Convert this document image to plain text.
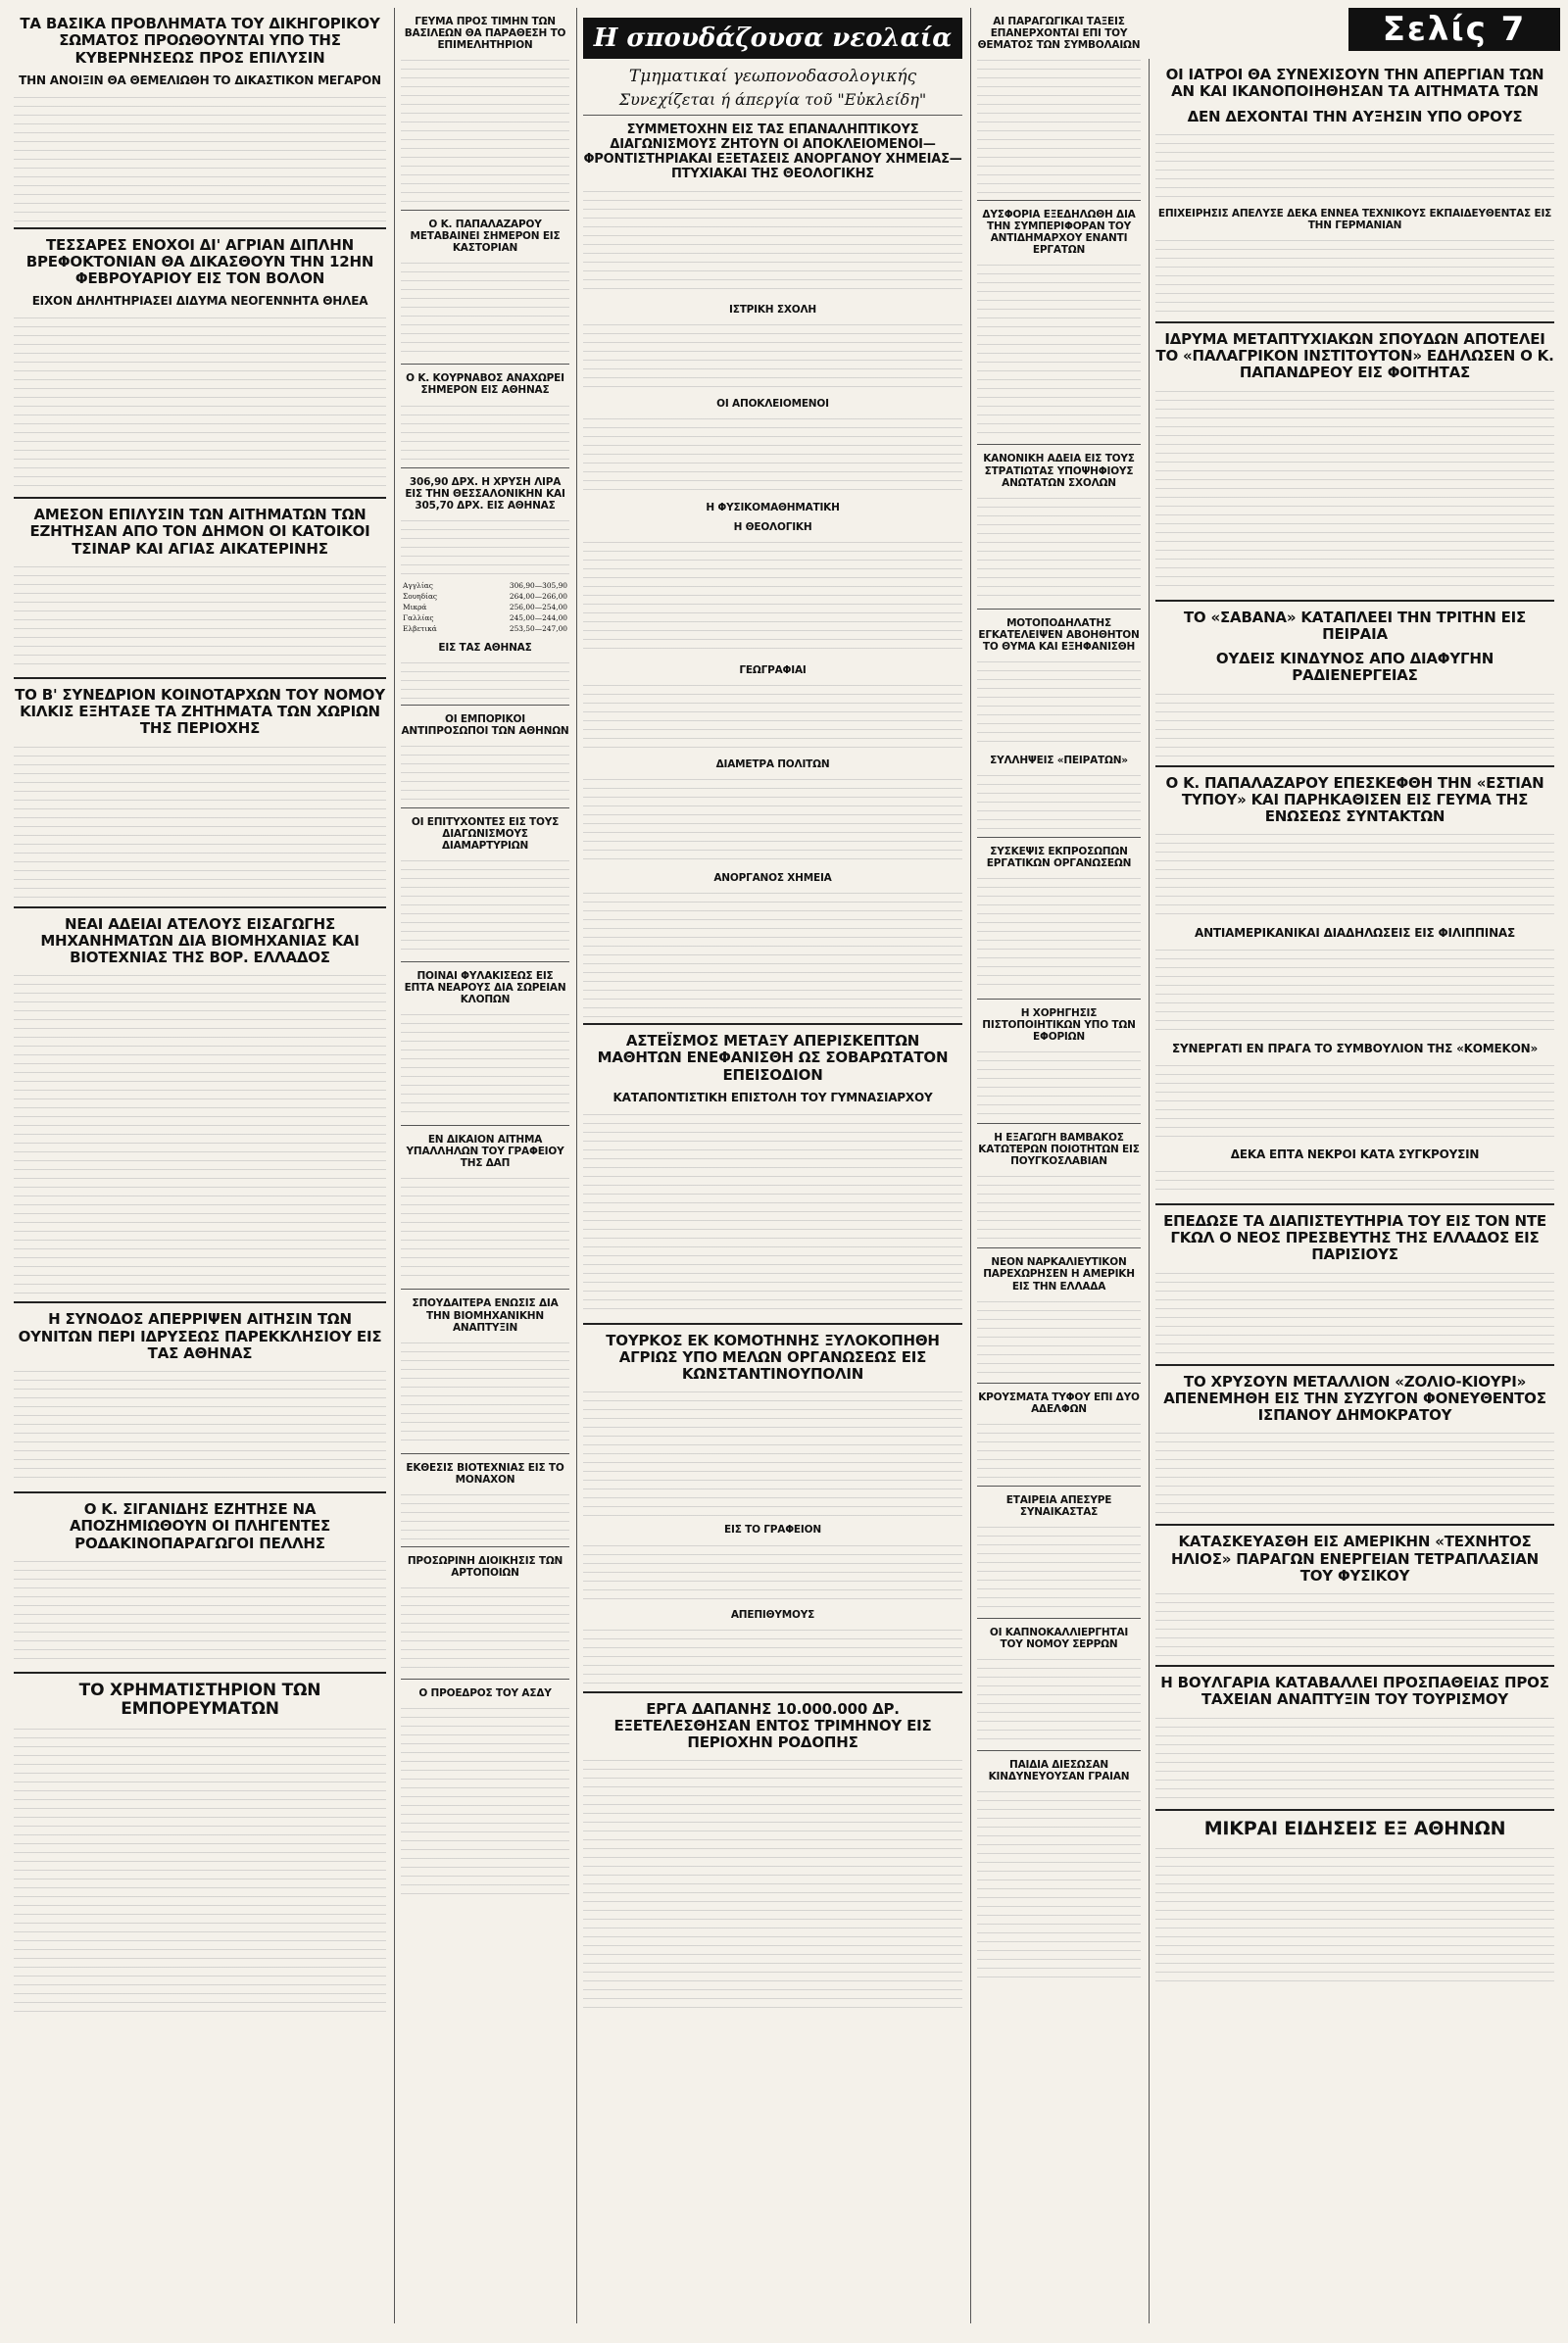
Σελίς 7
ΤΑ ΒΑΣΙΚΑ ΠΡΟΒΛΗΜΑΤΑ ΤΟΥ ΔΙΚΗΓΟΡΙΚΟΥ ΣΩΜΑΤΟΣ ΠΡΟΩΘΟΥΝΤΑΙ ΥΠΟ ΤΗΣ ΚΥΒΕΡΝΗΣΕΩΣ ΠΡΟΣ ΕΠΙΛΥΣΙΝ
ΤΗΝ ΑΝΟΙΞΙΝ ΘΑ ΘΕΜΕΛΙΩΘΗ ΤΟ ΔΙΚΑΣΤΙΚΟΝ ΜΕΓΑΡΟΝ
ΤΕΣΣΑΡΕΣ ΕΝΟΧΟΙ ΔΙ' ΑΓΡΙΑΝ ΔΙΠΛΗΝ ΒΡΕΦΟΚΤΟΝΙΑΝ ΘΑ ΔΙΚΑΣΘΟΥΝ ΤΗΝ 12ΗΝ ΦΕΒΡΟΥΑΡΙΟΥ ΕΙΣ ΤΟΝ ΒΟΛΟΝ
ΕΙΧΟΝ ΔΗΛΗΤΗΡΙΑΣΕΙ ΔΙΔΥΜΑ ΝΕΟΓΕΝΝΗΤΑ ΘΗΛΕΑ
ΑΜΕΣΟΝ ΕΠΙΛΥΣΙΝ ΤΩΝ ΑΙΤΗΜΑΤΩΝ ΤΩΝ ΕΖΗΤΗΣΑΝ ΑΠΟ ΤΟΝ ΔΗΜΟΝ ΟΙ ΚΑΤΟΙΚΟΙ ΤΣΙΝΑΡ ΚΑΙ ΑΓΙΑΣ ΑΙΚΑΤΕΡΙΝΗΣ
ΤΟ Β' ΣΥΝΕΔΡΙΟΝ ΚΟΙΝΟΤΑΡΧΩΝ ΤΟΥ ΝΟΜΟΥ ΚΙΛΚΙΣ ΕΞΗΤΑΣΕ ΤΑ ΖΗΤΗΜΑΤΑ ΤΩΝ ΧΩΡΙΩΝ ΤΗΣ ΠΕΡΙΟΧΗΣ
ΝΕΑΙ ΑΔΕΙΑΙ ΑΤΕΛΟΥΣ ΕΙΣΑΓΩΓΗΣ ΜΗΧΑΝΗΜΑΤΩΝ ΔΙΑ ΒΙΟΜΗΧΑΝΙΑΣ ΚΑΙ ΒΙΟΤΕΧΝΙΑΣ ΤΗΣ ΒΟΡ. ΕΛΛΑΔΟΣ
Η ΣΥΝΟΔΟΣ ΑΠΕΡΡΙΨΕΝ ΑΙΤΗΣΙΝ ΤΩΝ ΟΥΝΙΤΩΝ ΠΕΡΙ ΙΔΡΥΣΕΩΣ ΠΑΡΕΚΚΛΗΣΙΟΥ ΕΙΣ ΤΑΣ ΑΘΗΝΑΣ
Ο Κ. ΣΙΓΑΝΙΔΗΣ ΕΖΗΤΗΣΕ ΝΑ ΑΠΟΖΗΜΙΩΘΟΥΝ ΟΙ ΠΛΗΓΕΝΤΕΣ ΡΟΔΑΚΙΝΟΠΑΡΑΓΩΓΟΙ ΠΕΛΛΗΣ
ΤΟ ΧΡΗΜΑΤΙΣΤΗΡΙΟΝ ΤΩΝ ΕΜΠΟΡΕΥΜΑΤΩΝ
ΓΕΥΜΑ ΠΡΟΣ ΤΙΜΗΝ ΤΩΝ ΒΑΣΙΛΕΩΝ ΘΑ ΠΑΡΑΘΕΣΗ ΤΟ ΕΠΙΜΕΛΗΤΗΡΙΟΝ
Ο Κ. ΠΑΠΑΛΑΖΑΡΟΥ ΜΕΤΑΒΑΙΝΕΙ ΣΗΜΕΡΟΝ ΕΙΣ ΚΑΣΤΟΡΙΑΝ
Ο Κ. ΚΟΥΡΝΑΒΟΣ ΑΝΑΧΩΡΕΙ ΣΗΜΕΡΟΝ ΕΙΣ ΑΘΗΝΑΣ
306,90 ΔΡΧ. Η ΧΡΥΣΗ ΛΙΡΑ ΕΙΣ ΤΗΝ ΘΕΣΣΑΛΟΝΙΚΗΝ ΚΑΙ 305,70 ΔΡΧ. ΕΙΣ ΑΘΗΝΑΣ
Αγγλίας	306,90—305,90
Σουηδίας	264,00—266,00
Μικρά	256,00—254,00
Γαλλίας	245,00—244,00
Ελβετικά	253,50—247,00
ΕΙΣ ΤΑΣ ΑΘΗΝΑΣ
ΟΙ ΕΜΠΟΡΙΚΟΙ ΑΝΤΙΠΡΟΣΩΠΟΙ ΤΩΝ ΑΘΗΝΩΝ
ΟΙ ΕΠΙΤΥΧΟΝΤΕΣ ΕΙΣ ΤΟΥΣ ΔΙΑΓΩΝΙΣΜΟΥΣ ΔΙΑΜΑΡΤΥΡΙΩΝ
ΠΟΙΝΑΙ ΦΥΛΑΚΙΣΕΩΣ ΕΙΣ ΕΠΤΑ ΝΕΑΡΟΥΣ ΔΙΑ ΣΩΡΕΙΑΝ ΚΛΟΠΩΝ
ΕΝ ΔΙΚΑΙΟΝ ΑΙΤΗΜΑ ΥΠΑΛΛΗΛΩΝ ΤΟΥ ΓΡΑΦΕΙΟΥ ΤΗΣ ΔΑΠ
ΣΠΟΥΔΑΙΤΕΡΑ ΕΝΩΣΙΣ ΔΙΑ ΤΗΝ ΒΙΟΜΗΧΑΝΙΚΗΝ ΑΝΑΠΤΥΞΙΝ
ΕΚΘΕΣΙΣ ΒΙΟΤΕΧΝΙΑΣ ΕΙΣ ΤΟ ΜΟΝΑΧΟΝ
ΠΡΟΣΩΡΙΝΗ ΔΙΟΙΚΗΣΙΣ ΤΩΝ ΑΡΤΟΠΟΙΩΝ
Ο ΠΡΟΕΔΡΟΣ ΤΟΥ ΑΣΔΥ
Η σπουδάζουσα νεολαία
Τμηματικαί γεωπονοδασολογικής
Συνεχίζεται ή άπεργία τοῦ "Εὐκλείδη"
ΣΥΜΜΕΤΟΧΗΝ ΕΙΣ ΤΑΣ ΕΠΑΝΑΛΗΠΤΙΚΟΥΣ ΔΙΑΓΩΝΙΣΜΟΥΣ ΖΗΤΟΥΝ ΟΙ ΑΠΟΚΛΕΙΟΜΕΝΟΙ— ΦΡΟΝΤΙΣΤΗΡΙΑΚΑΙ ΕΞΕΤΑΣΕΙΣ ΑΝΟΡΓΑΝΟΥ ΧΗΜΕΙΑΣ— ΠΤΥΧΙΑΚΑΙ ΤΗΣ ΘΕΟΛΟΓΙΚΗΣ
ΙΣΤΡΙΚΗ ΣΧΟΛΗ
ΟΙ ΑΠΟΚΛΕΙΟΜΕΝΟΙ
Η ΦΥΣΙΚΟΜΑΘΗΜΑΤΙΚΗ
Η ΘΕΟΛΟΓΙΚΗ
ΓΕΩΓΡΑΦΙΑΙ
ΔΙΑΜΕΤΡΑ ΠΟΛΙΤΩΝ
ΑΝΟΡΓΑΝΟΣ ΧΗΜΕΙΑ
ΑΣΤΕΪΣΜΟΣ ΜΕΤΑΞΥ ΑΠΕΡΙΣΚΕΠΤΩΝ ΜΑΘΗΤΩΝ ΕΝΕΦΑΝΙΣΘΗ ΩΣ ΣΟΒΑΡΩΤΑΤΟΝ ΕΠΕΙΣΟΔΙΟΝ
ΚΑΤΑΠΟΝΤΙΣΤΙΚΗ ΕΠΙΣΤΟΛΗ ΤΟΥ ΓΥΜΝΑΣΙΑΡΧΟΥ
ΤΟΥΡΚΟΣ ΕΚ ΚΟΜΟΤΗΝΗΣ ΞΥΛΟΚΟΠΗΘΗ ΑΓΡΙΩΣ ΥΠΟ ΜΕΛΩΝ ΟΡΓΑΝΩΣΕΩΣ ΕΙΣ ΚΩΝΣΤΑΝΤΙΝΟΥΠΟΛΙΝ
ΕΙΣ ΤΟ ΓΡΑΦΕΙΟΝ
ΑΠΕΠΙΘΥΜΟΥΣ
ΕΡΓΑ ΔΑΠΑΝΗΣ 10.000.000 ΔΡ. ΕΞΕΤΕΛΕΣΘΗΣΑΝ ΕΝΤΟΣ ΤΡΙΜΗΝΟΥ ΕΙΣ ΠΕΡΙΟΧΗΝ ΡΟΔΟΠΗΣ
ΑΙ ΠΑΡΑΓΩΓΙΚΑΙ ΤΑΞΕΙΣ ΕΠΑΝΕΡΧΟΝΤΑΙ ΕΠΙ ΤΟΥ ΘΕΜΑΤΟΣ ΤΩΝ ΣΥΜΒΟΛΑΙΩΝ
ΔΥΣΦΟΡΙΑ ΕΞΕΔΗΛΩΘΗ ΔΙΑ ΤΗΝ ΣΥΜΠΕΡΙΦΟΡΑΝ ΤΟΥ ΑΝΤΙΔΗΜΑΡΧΟΥ ΕΝΑΝΤΙ ΕΡΓΑΤΩΝ
ΚΑΝΟΝΙΚΗ ΑΔΕΙΑ ΕΙΣ ΤΟΥΣ ΣΤΡΑΤΙΩΤΑΣ ΥΠΟΨΗΦΙΟΥΣ ΑΝΩΤΑΤΩΝ ΣΧΟΛΩΝ
ΜΟΤΟΠΟΔΗΛΑΤΗΣ ΕΓΚΑΤΕΛΕΙΨΕΝ ΑΒΟΗΘΗΤΟΝ ΤΟ ΘΥΜΑ ΚΑΙ ΕΞΗΦΑΝΙΣΘΗ
ΣΥΛΛΗΨΕΙΣ «ΠΕΙΡΑΤΩΝ»
ΣΥΣΚΕΨΙΣ ΕΚΠΡΟΣΩΠΩΝ ΕΡΓΑΤΙΚΩΝ ΟΡΓΑΝΩΣΕΩΝ
Η ΧΟΡΗΓΗΣΙΣ ΠΙΣΤΟΠΟΙΗΤΙΚΩΝ ΥΠΟ ΤΩΝ ΕΦΟΡΙΩΝ
Η ΕΞΑΓΩΓΗ ΒΑΜΒΑΚΟΣ ΚΑΤΩΤΕΡΩΝ ΠΟΙΟΤΗΤΩΝ ΕΙΣ ΠΟΥΓΚΟΣΛΑΒΙΑΝ
ΝΕΟΝ ΝΑΡΚΑΛΙΕΥΤΙΚΟΝ ΠΑΡΕΧΩΡΗΣΕΝ Η ΑΜΕΡΙΚΗ ΕΙΣ ΤΗΝ ΕΛΛΑΔΑ
ΚΡΟΥΣΜΑΤΑ ΤΥΦΟΥ ΕΠΙ ΔΥΟ ΑΔΕΛΦΩΝ
ΕΤΑΙΡΕΙΑ ΑΠΕΣΥΡΕ ΣΥΝΑΙΚΑΣΤΑΣ
ΟΙ ΚΑΠΝΟΚΑΛΛΙΕΡΓΗΤΑΙ ΤΟΥ ΝΟΜΟΥ ΣΕΡΡΩΝ
ΠΑΙΔΙΑ ΔΙΕΣΩΣΑΝ ΚΙΝΔΥΝΕΥΟΥΣΑΝ ΓΡΑΙΑΝ
ΟΙ ΙΑΤΡΟΙ ΘΑ ΣΥΝΕΧΙΣΟΥΝ ΤΗΝ ΑΠΕΡΓΙΑΝ ΤΩΝ ΑΝ ΚΑΙ ΙΚΑΝΟΠΟΙΗΘΗΣΑΝ ΤΑ ΑΙΤΗΜΑΤΑ ΤΩΝ
ΔΕΝ ΔΕΧΟΝΤΑΙ ΤΗΝ ΑΥΞΗΣΙΝ ΥΠΟ ΟΡΟΥΣ
ΕΠΙΧΕΙΡΗΣΙΣ ΑΠΕΛΥΣΕ ΔΕΚΑ ΕΝΝΕΑ ΤΕΧΝΙΚΟΥΣ ΕΚΠΑΙΔΕΥΘΕΝΤΑΣ ΕΙΣ ΤΗΝ ΓΕΡΜΑΝΙΑΝ
ΙΔΡΥΜΑ ΜΕΤΑΠΤΥΧΙΑΚΩΝ ΣΠΟΥΔΩΝ ΑΠΟΤΕΛΕΙ ΤΟ «ΠΑΛΑΓΡΙΚΟΝ ΙΝΣΤΙΤΟΥΤΟΝ» ΕΔΗΛΩΣΕΝ Ο Κ. ΠΑΠΑΝΔΡΕΟΥ ΕΙΣ ΦΟΙΤΗΤΑΣ
ΤΟ «ΣΑΒΑΝΑ» ΚΑΤΑΠΛΕΕΙ ΤΗΝ ΤΡΙΤΗΝ ΕΙΣ ΠΕΙΡΑΙΑ
ΟΥΔΕΙΣ ΚΙΝΔΥΝΟΣ ΑΠΟ ΔΙΑΦΥΓΗΝ ΡΑΔΙΕΝΕΡΓΕΙΑΣ
Ο Κ. ΠΑΠΑΛΑΖΑΡΟΥ ΕΠΕΣΚΕΦΘΗ ΤΗΝ «ΕΣΤΙΑΝ ΤΥΠΟΥ» ΚΑΙ ΠΑΡΗΚΑΘΙΣΕΝ ΕΙΣ ΓΕΥΜΑ ΤΗΣ ΕΝΩΣΕΩΣ ΣΥΝΤΑΚΤΩΝ
ΑΝΤΙΑΜΕΡΙΚΑΝΙΚΑΙ ΔΙΑΔΗΛΩΣΕΙΣ ΕΙΣ ΦΙΛΙΠΠΙΝΑΣ
ΣΥΝΕΡΓΑΤΙ ΕΝ ΠΡΑΓΑ ΤΟ ΣΥΜΒΟΥΛΙΟΝ ΤΗΣ «ΚΟΜΕΚΟΝ»
ΔΕΚΑ ΕΠΤΑ ΝΕΚΡΟΙ ΚΑΤΑ ΣΥΓΚΡΟΥΣΙΝ
ΕΠΕΔΩΣΕ ΤΑ ΔΙΑΠΙΣΤΕΥΤΗΡΙΑ ΤΟΥ ΕΙΣ ΤΟΝ ΝΤΕ ΓΚΩΛ Ο ΝΕΟΣ ΠΡΕΣΒΕΥΤΗΣ ΤΗΣ ΕΛΛΑΔΟΣ ΕΙΣ ΠΑΡΙΣΙΟΥΣ
ΤΟ ΧΡΥΣΟΥΝ ΜΕΤΑΛΛΙΟΝ «ΖΟΛΙΟ-ΚΙΟΥΡΙ» ΑΠΕΝΕΜΗΘΗ ΕΙΣ ΤΗΝ ΣΥΖΥΓΟΝ ΦΟΝΕΥΘΕΝΤΟΣ ΙΣΠΑΝΟΥ ΔΗΜΟΚΡΑΤΟΥ
ΚΑΤΑΣΚΕΥΑΣΘΗ ΕΙΣ ΑΜΕΡΙΚΗΝ «ΤΕΧΝΗΤΟΣ ΗΛΙΟΣ» ΠΑΡΑΓΩΝ ΕΝΕΡΓΕΙΑΝ ΤΕΤΡΑΠΛΑΣΙΑΝ ΤΟΥ ΦΥΣΙΚΟΥ
Η ΒΟΥΛΓΑΡΙΑ ΚΑΤΑΒΑΛΛΕΙ ΠΡΟΣΠΑΘΕΙΑΣ ΠΡΟΣ ΤΑΧΕΙΑΝ ΑΝΑΠΤΥΞΙΝ ΤΟΥ ΤΟΥΡΙΣΜΟΥ
ΜΙΚΡΑΙ ΕΙΔΗΣΕΙΣ ΕΞ ΑΘΗΝΩΝ
